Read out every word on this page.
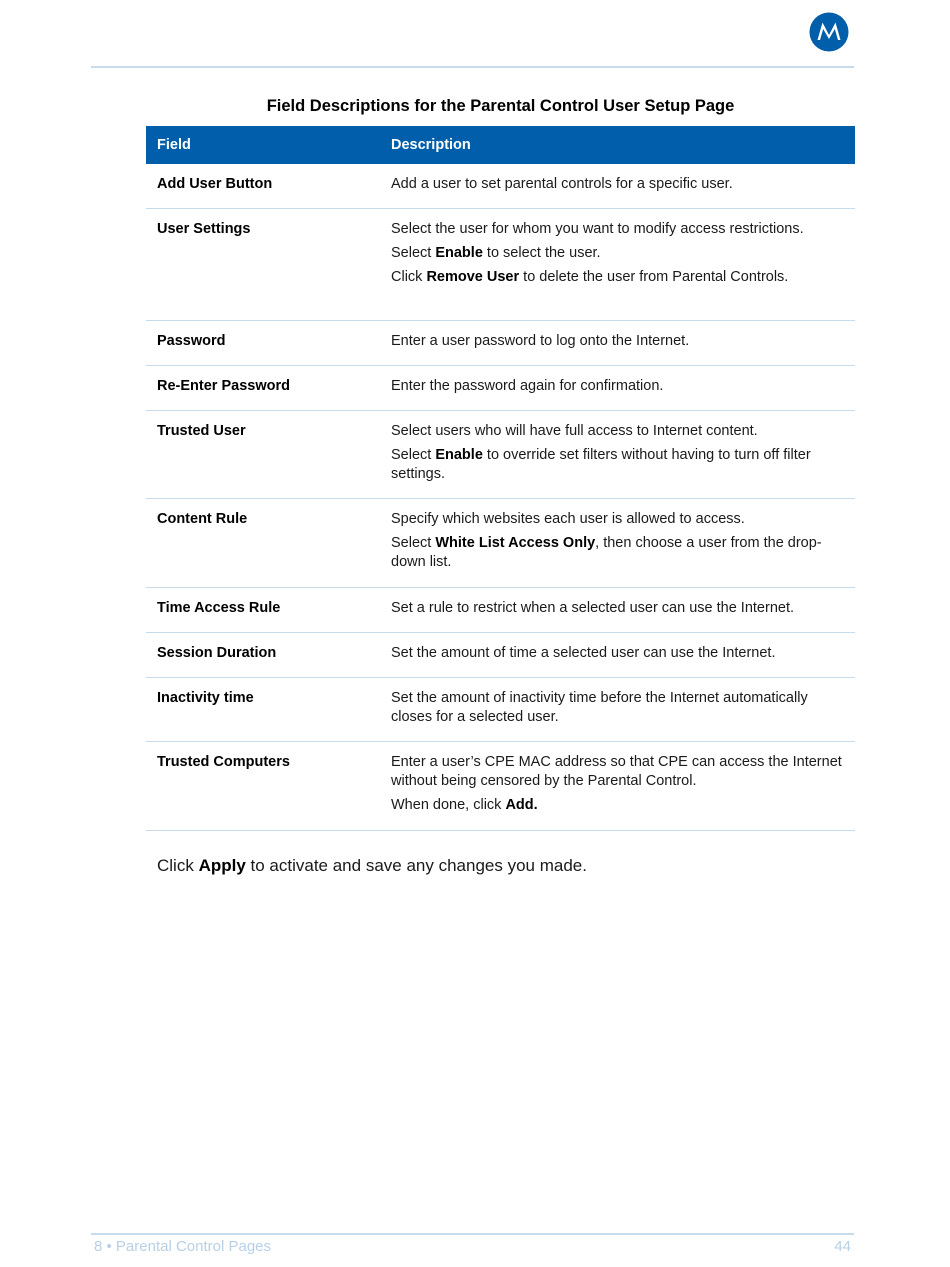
Field Descriptions for the Parental Control User Setup Page
Field	Description
Add User Button	Add a user to set parental controls for a specific user.

User Settings	Select the user for whom you want to modify access restrictions.

Select Enable to select the user.

Click Remove User to delete the user from Parental Controls.

Password	Enter a user password to log onto the Internet.

Re-Enter Password	Enter the password again for confirmation.

Trusted User	Select users who will have full access to Internet content.

Select Enable to override set filters without having to turn off filter settings.

Content Rule	Specify which websites each user is allowed to access.

Select White List Access Only, then choose a user from the drop-down list.

Time Access Rule	Set a rule to restrict when a selected user can use the Internet.

Session Duration	Set the amount of time a selected user can use the Internet.

Inactivity time	Set the amount of inactivity time before the Internet automatically closes for a selected user.

Trusted Computers	Enter a user’s CPE MAC address so that CPE can access the Internet without being censored by the Parental Control.

When done, click Add.

Click Apply to activate and save any changes you made.
8 • Parental Control Pages	44
